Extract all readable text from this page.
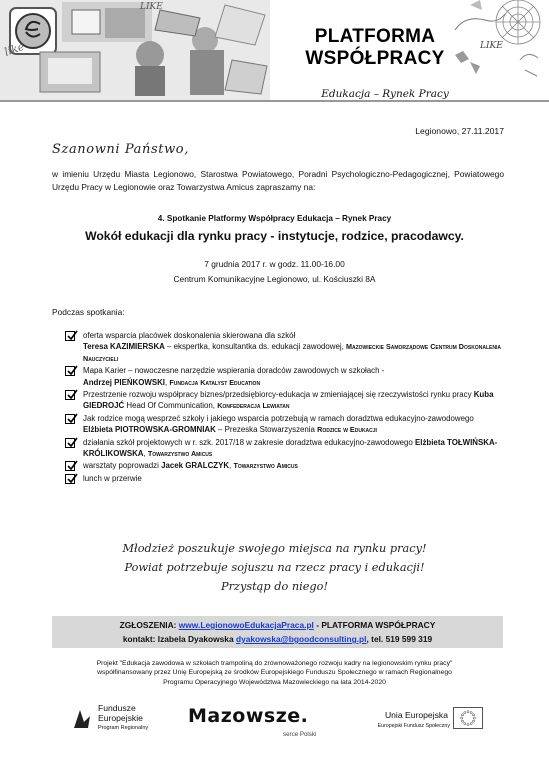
like
LIKE
LIKE
PLATFORMA
WSPÓŁPRACY
Edukacja – Rynek Pracy
Legionowo, 27.11.2017
Szanowni Państwo,
w imieniu Urzędu Miasta Legionowo, Starostwa Powiatowego, Poradni Psychologiczno-Pedagogicznej, Powiatowego Urzędu Pracy w Legionowie oraz Towarzystwa Amicus zapraszamy na:
4. Spotkanie Platformy Współpracy Edukacja – Rynek Pracy
Wokół edukacji dla rynku pracy - instytucje, rodzice, pracodawcy.
7 grudnia 2017 r. w godz. 11.00-16.00
Centrum Komunikacyjne Legionowo, ul. Kościuszki 8A
Podczas spotkania:
oferta wsparcia placówek doskonalenia skierowana dla szkół
Teresa KAZIMIERSKA – ekspertka, konsultantka ds. edukacji zawodowej, Mazowieckie Samorządowe Centrum Doskonalenia Nauczycieli
Mapa Karier – nowoczesne narzędzie wspierania doradców zawodowych w szkołach -
Andrzej PIEŃKOWSKI, Fundacja Katalyst Education
Przestrzenie rozwoju współpracy biznes/przedsiębiorcy-edukacja w zmieniającej się rzeczywistości rynku pracy Kuba GIEDROJĆ Head Of Communication, Konfederacja Lewiatan
Jak rodzice mogą wesprzeć szkoły i jakiego wsparcia potrzebują w ramach doradztwa edukacyjno-zawodowego Elżbieta PIOTROWSKA-GROMNIAK – Prezeska Stowarzyszenia Rodzice w Edukacji
działania szkół projektowych w r. szk. 2017/18 w zakresie doradztwa edukacyjno-zawodowego Elżbieta TOŁWIŃSKA-KRÓLIKOWSKA, Towarzystwo Amicus
warsztaty poprowadzi Jacek GRALCZYK, Towarzystwo Amicus
lunch w przerwie
Młodzież poszukuje swojego miejsca na rynku pracy!
Powiat potrzebuje sojuszu na rzecz pracy i edukacji!
Przystąp do niego!
ZGŁOSZENIA: www.LegionowoEdukacjaPraca.pl - PLATFORMA WSPÓŁPRACY
kontakt: Izabela Dyakowska dyakowska@bgoodconsulting.pl, tel. 519 599 319
Projekt "Edukacja zawodowa w szkołach trampoliną do zrównoważonego rozwoju kadry na legionowskim rynku pracy"
współfinansowany przez Unię Europejską ze środków Europejskiego Funduszu Społecznego w ramach Regionalnego
Programu Operacyjnego Województwa Mazowieckiego na lata 2014-2020
Fundusze
Europejskie
Program Regionalny
Mazowsze.
serce Polski
Unia Europejska
Europejski Fundusz Społeczny
